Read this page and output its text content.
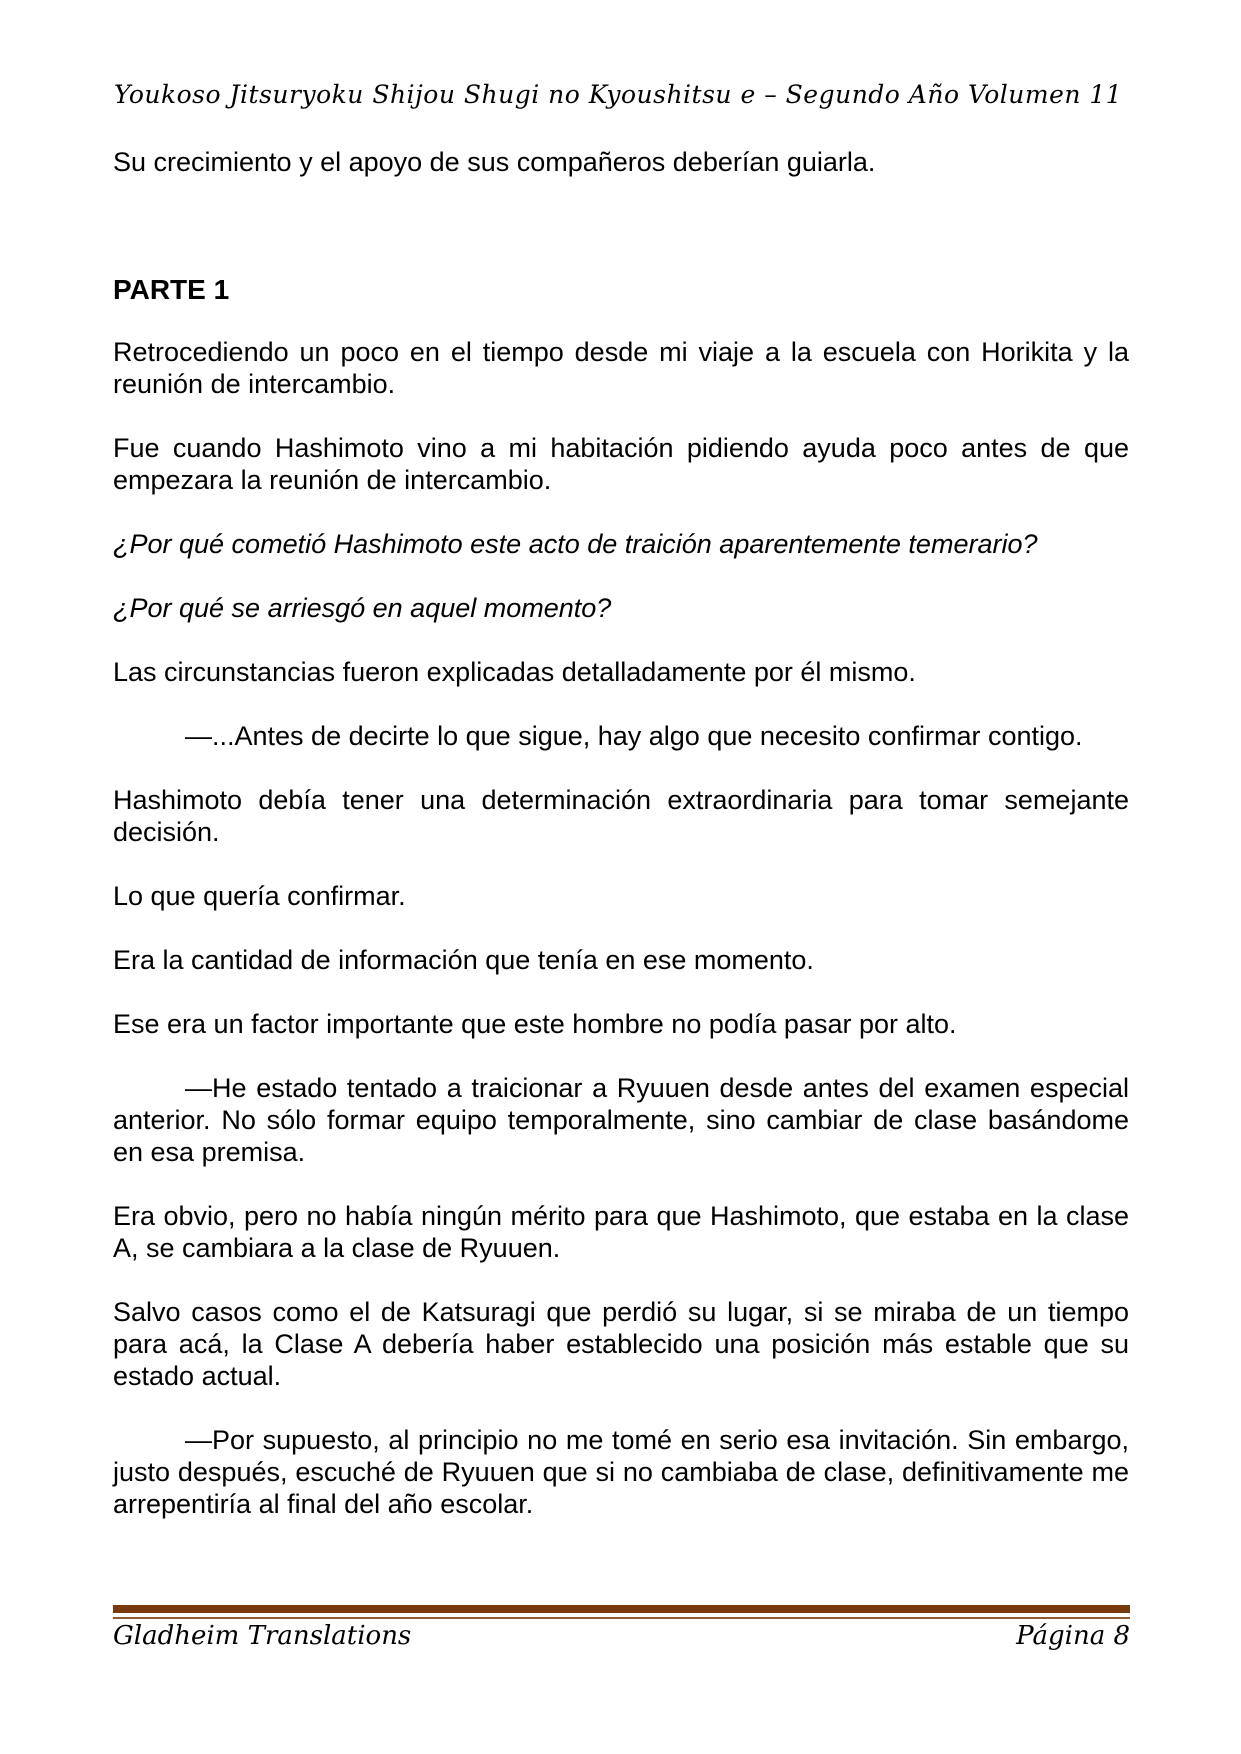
Youkoso Jitsuryoku Shijou Shugi no Kyoushitsu e – Segundo Año Volumen 11

Su crecimiento y el apoyo de sus compañeros deberían guiarla.

PARTE 1

Retrocediendo un poco en el tiempo desde mi viaje a la escuela con Horikita y la reunión de intercambio.

Fue cuando Hashimoto vino a mi habitación pidiendo ayuda poco antes de que empezara la reunión de intercambio.

¿Por qué cometió Hashimoto este acto de traición aparentemente temerario?

¿Por qué se arriesgó en aquel momento?

Las circunstancias fueron explicadas detalladamente por él mismo.

—...Antes de decirte lo que sigue, hay algo que necesito confirmar contigo.

Hashimoto debía tener una determinación extraordinaria para tomar semejante decisión.

Lo que quería confirmar.

Era la cantidad de información que tenía en ese momento.

Ese era un factor importante que este hombre no podía pasar por alto.

—He estado tentado a traicionar a Ryuuen desde antes del examen especial anterior. No sólo formar equipo temporalmente, sino cambiar de clase basándome en esa premisa.

Era obvio, pero no había ningún mérito para que Hashimoto, que estaba en la clase A, se cambiara a la clase de Ryuuen.

Salvo casos como el de Katsuragi que perdió su lugar, si se miraba de un tiempo para acá, la Clase A debería haber establecido una posición más estable que su estado actual.

—Por supuesto, al principio no me tomé en serio esa invitación. Sin embargo, justo después, escuché de Ryuuen que si no cambiaba de clase, definitivamente me arrepentiría al final del año escolar.

Gladheim Translations	Página 8
